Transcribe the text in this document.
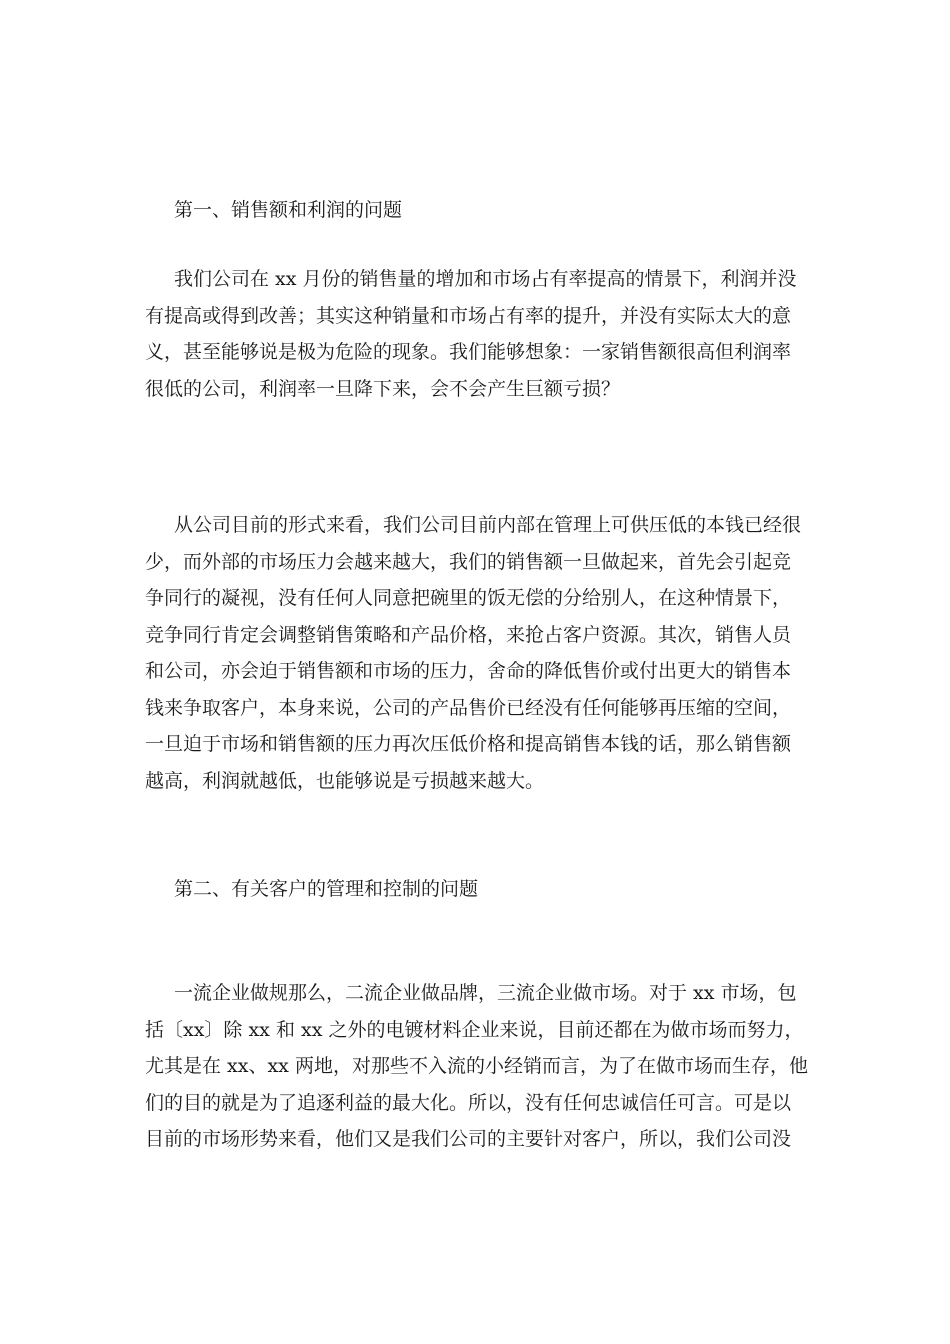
第一、销售额和利润的问题
我们公司在 xx 月份的销售量的增加和市场占有率提高的情景下，利润并没
有提高或得到改善；其实这种销量和市场占有率的提升，并没有实际太大的意
义，甚至能够说是极为危险的现象。我们能够想象：一家销售额很高但利润率
很低的公司，利润率一旦降下来，会不会产生巨额亏损？
从公司目前的形式来看，我们公司目前内部在管理上可供压低的本钱已经很
少，而外部的市场压力会越来越大，我们的销售额一旦做起来，首先会引起竞
争同行的凝视，没有任何人同意把碗里的饭无偿的分给别人，在这种情景下，
竞争同行肯定会调整销售策略和产品价格，来抢占客户资源。其次，销售人员
和公司，亦会迫于销售额和市场的压力，舍命的降低售价或付出更大的销售本
钱来争取客户，本身来说，公司的产品售价已经没有任何能够再压缩的空间，
一旦迫于市场和销售额的压力再次压低价格和提高销售本钱的话，那么销售额
越高，利润就越低，也能够说是亏损越来越大。
第二、有关客户的管理和控制的问题
一流企业做规那么，二流企业做品牌，三流企业做市场。对于 xx 市场，包
括〔xx〕除 xx 和 xx 之外的电镀材料企业来说，目前还都在为做市场而努力，
尤其是在 xx、xx 两地，对那些不入流的小经销而言，为了在做市场而生存，他
们的目的就是为了追逐利益的最大化。所以，没有任何忠诚信任可言。可是以
目前的市场形势来看，他们又是我们公司的主要针对客户，所以，我们公司没
